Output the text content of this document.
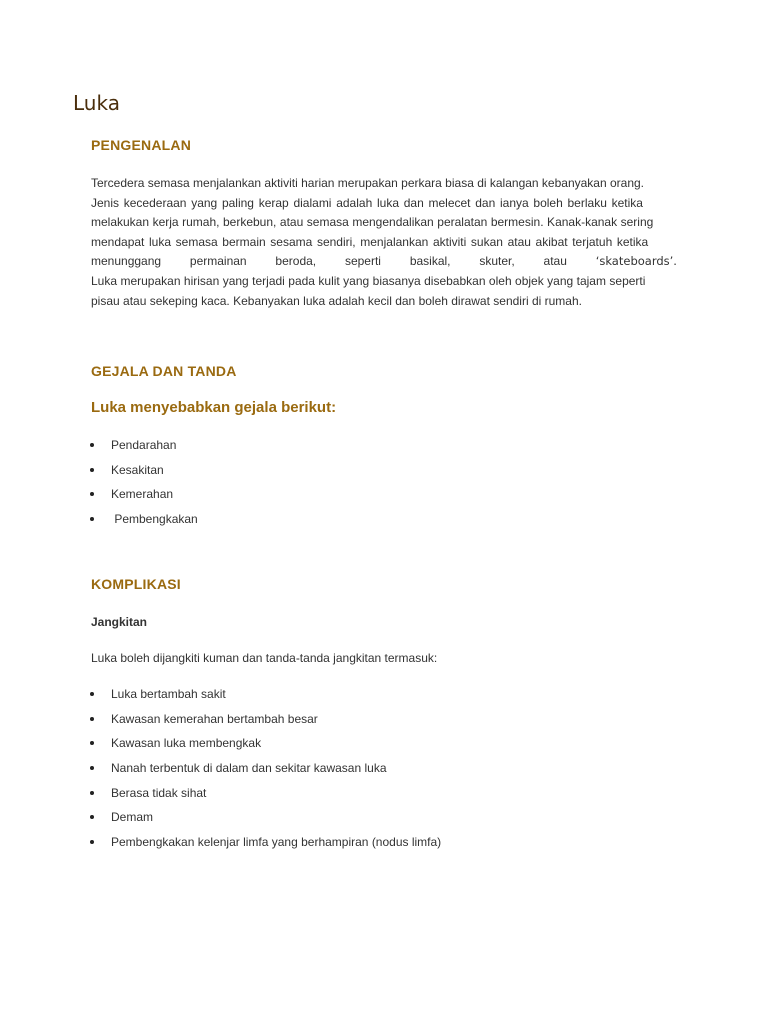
Luka
PENGENALAN
Tercedera semasa menjalankan aktiviti harian merupakan perkara biasa di kalangan kebanyakan orang.
Jenis kecederaan yang paling kerap dialami adalah luka dan melecet dan ianya boleh berlaku ketika
melakukan kerja rumah, berkebun, atau semasa mengendalikan peralatan bermesin. Kanak-kanak sering
mendapat luka semasa bermain sesama sendiri, menjalankan aktiviti sukan atau akibat terjatuh ketika
menunggang permainan beroda, seperti basikal, skuter, atau	‘skateboards’.
Luka merupakan hirisan yang terjadi pada kulit yang biasanya disebabkan oleh objek yang tajam seperti
pisau atau sekeping kaca. Kebanyakan luka adalah kecil dan boleh dirawat sendiri di rumah.
GEJALA DAN TANDA
Luka menyebabkan gejala berikut:
Pendarahan
Kesakitan
Kemerahan
Pembengkakan
KOMPLIKASI
Jangkitan

Luka boleh dijangkiti kuman dan tanda-tanda jangkitan termasuk:

Luka bertambah sakit
Kawasan kemerahan bertambah besar
Kawasan luka membengkak
Nanah terbentuk di dalam dan sekitar kawasan luka
Berasa tidak sihat
Demam
Pembengkakan kelenjar limfa yang berhampiran (nodus limfa)
